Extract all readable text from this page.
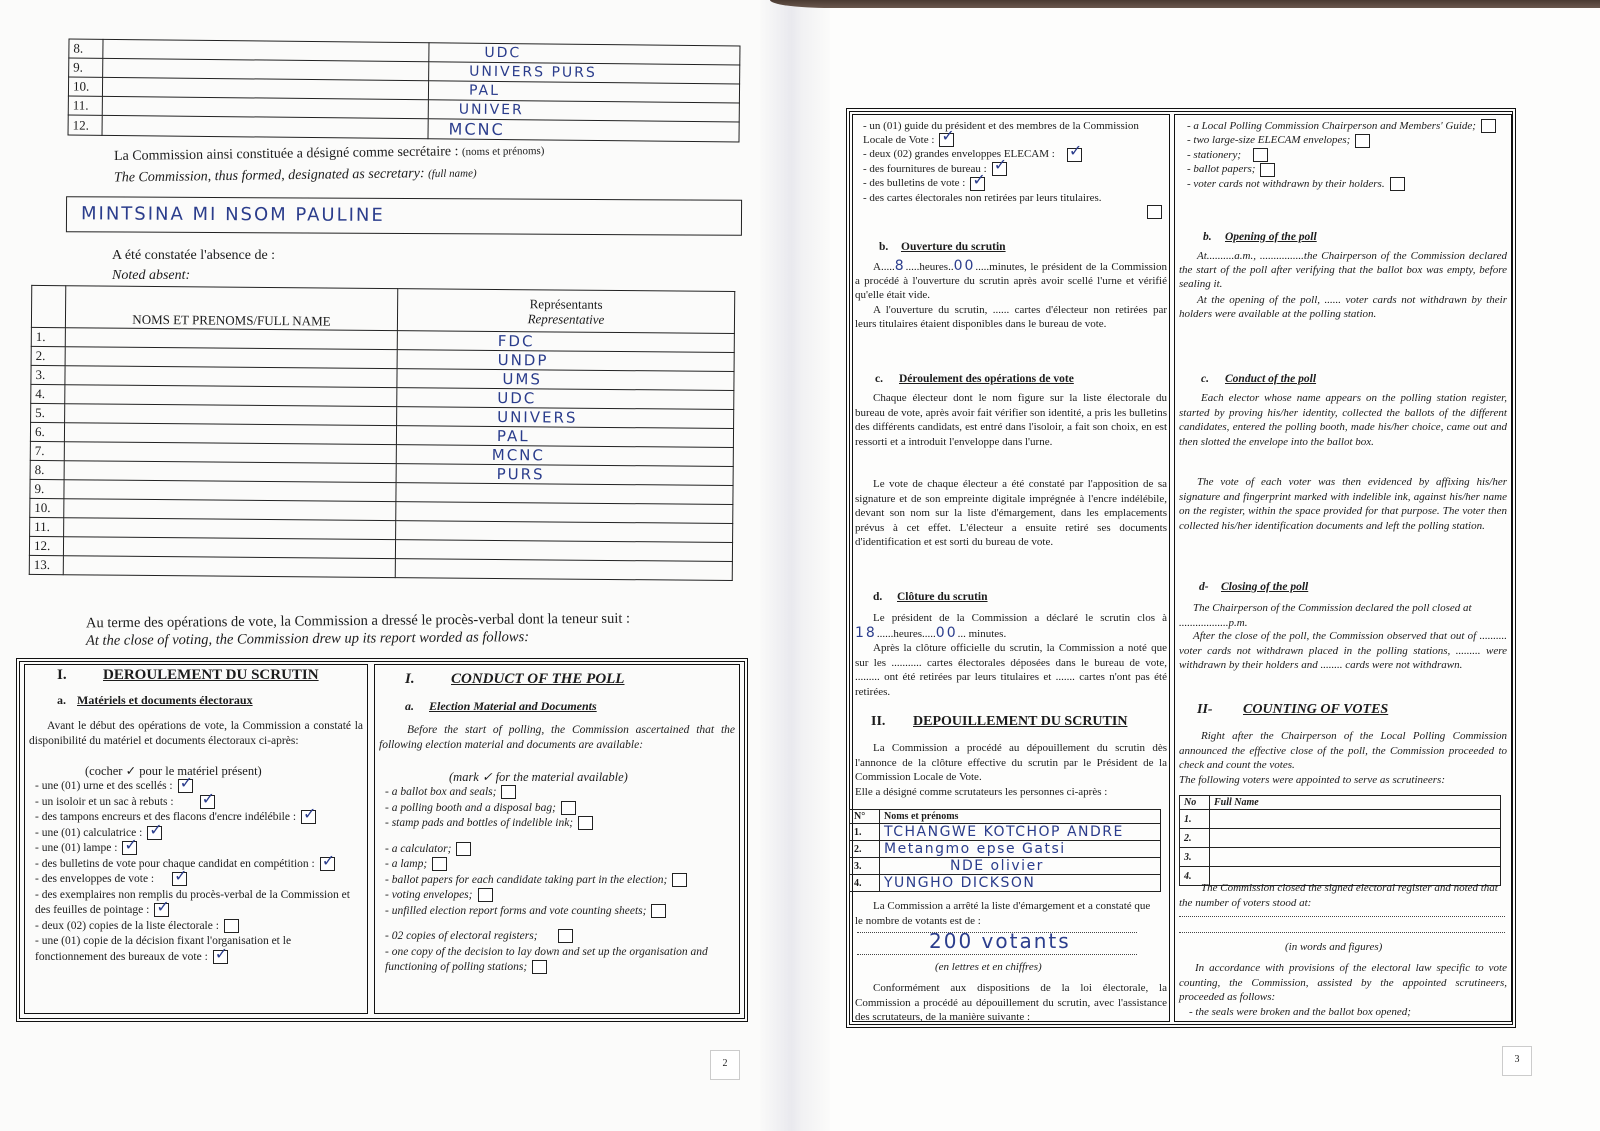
8.		UDC
9.		UNIVERS PURS
10.		PAL
11.		UNIVER
12.		MCNC
La Commission ainsi constituée a désigné comme secrétaire : (noms et prénoms)
The Commission, thus formed, designated as secretary: (full name)
MINTSINA MI NSOM PAULINE
A été constatée l'absence de :
Noted absent:
	NOMS ET PRENOMS/FULL NAME	Représentants
Representative

1.		FDC
2.		UNDP
3.		UMS
4.		UDC
5.		UNIVERS
6.		PAL
7.		MCNC
8.		PURS
9.		
10.		
11.		
12.		
13.		
Au terme des opérations de vote, la Commission a dressé le procès-verbal dont la teneur suit :
At the close of voting, the Commission drew up its report worded as follows:
I. DEROULEMENT DU SCRUTIN
a. Matériels et documents électoraux
Avant le début des opérations de vote, la Commission a constaté la disponibilité du matériel et documents électoraux ci-après:
(cocher ✓ pour le matériel présent)
- une (01) urne et des scellés :✓
- un isoloir et un sac à rebuts :✓
- des tampons encreurs et des flacons d'encre indélébile :✓
- une (01) calculatrice :✓
- une (01) lampe :✓
- des bulletins de vote pour chaque candidat en compétition :✓
- des enveloppes de vote :✓
- des exemplaires non remplis du procès-verbal de la Commission et des feuilles de pointage :✓
- deux (02) copies de la liste électorale :
- une (01) copie de la décision fixant l'organisation et le fonctionnement des bureaux de vote :✓
I. CONDUCT OF THE POLL
a. Election Material and Documents
Before the start of polling, the Commission ascertained that the following election material and documents are available:
(mark ✓ for the material available)
- a ballot box and seals;
- a polling booth and a disposal bag;
- stamp pads and bottles of indelible ink;
- a calculator;
- a lamp;
- ballot papers for each candidate taking part in the election;
- voting envelopes;
- unfilled election report forms and vote counting sheets;
- 02 copies of electoral registers;
- one copy of the decision to lay down and set up the organisation and functioning of polling stations;
2
- un (01) guide du président et des membres de la Commission Locale de Vote :✓
- deux (02) grandes enveloppes ELECAM :✓
- des fournitures de bureau :✓
- des bulletins de vote :✓
- des cartes électorales non retirées par leurs titulaires.

b. Ouverture du scrutin
A.....8.....heures..00.....minutes, le président de la Commission a procédé à l'ouverture du scrutin après avoir scellé l'urne et vérifié qu'elle était vide.
A l'ouverture du scrutin, ...... cartes d'électeur non retirées par leurs titulaires étaient disponibles dans le bureau de vote.
c. Déroulement des opérations de vote
Chaque électeur dont le nom figure sur la liste électorale du bureau de vote, après avoir fait vérifier son identité, a pris les bulletins des différents candidats, est entré dans l'isoloir, a fait son choix, en est ressorti et a introduit l'enveloppe dans l'urne.
Le vote de chaque électeur a été constaté par l'apposition de sa signature et de son empreinte digitale imprégnée à l'encre indélébile, devant son nom sur la liste d'émargement, dans les emplacements prévus à cet effet. L'électeur a ensuite retiré ses documents d'identification et est sorti du bureau de vote.
d. Clôture du scrutin
Le président de la Commission a déclaré le scrutin clos à 18......heures.....00... minutes.
Après la clôture officielle du scrutin, la Commission a noté que sur les ........... cartes électorales déposées dans le bureau de vote, ......... ont été retirées par leurs titulaires et ....... cartes n'ont pas été retirées.
II. DEPOUILLEMENT DU SCRUTIN
La Commission a procédé au dépouillement du scrutin dès l'annonce de la clôture effective du scrutin par le Président de la Commission Locale de Vote.
Elle a désigné comme scrutateurs les personnes ci-après :
N°	Noms et prénoms
1.	TCHANGWE KOTCHOP ANDRE
2.	Metangmo epse Gatsi
3.	NDE olivier
4.	YUNGHO DICKSON
La Commission a arrêté la liste d'émargement et a constaté que le nombre de votants est de :
200 votants
(en lettres et en chiffres)
Conformément aux dispositions de la loi électorale, la Commission a procédé au dépouillement du scrutin, avec l'assistance des scrutateurs, de la manière suivante :
- a Local Polling Commission Chairperson and Members' Guide;
- two large-size ELECAM envelopes;
- stationery;
- ballot papers;
- voter cards not withdrawn by their holders.
b. Opening of the poll
At..........a.m., ................the Chairperson of the Commission declared the start of the poll after verifying that the ballot box was empty, before sealing it.
At the opening of the poll, ...... voter cards not withdrawn by their holders were available at the polling station.
c. Conduct of the poll
Each elector whose name appears on the polling station register, started by proving his/her identity, collected the ballots of the different candidates, entered the polling booth, made his/her choice, came out and then slotted the envelope into the ballot box.
The vote of each voter was then evidenced by affixing his/her signature and fingerprint marked with indelible ink, against his/her name on the register, within the space provided for that purpose. The voter then collected his/her identification documents and left the polling station.
d- Closing of the poll
The Chairperson of the Commission declared the poll closed at ..................p.m.
After the close of the poll, the Commission observed that out of .......... voter cards not withdrawn placed in the polling stations, ......... were withdrawn by their holders and ........ cards were not withdrawn.
II- COUNTING OF VOTES
Right after the Chairperson of the Local Polling Commission announced the effective close of the poll, the Commission proceeded to check and count the votes.
The following voters were appointed to serve as scrutineers:
No	Full Name
1.	
2.	
3.	
4.	
The Commission closed the signed electoral register and noted that the number of voters stood at:
(in words and figures)
In accordance with provisions of the electoral law specific to vote counting, the Commission, assisted by the appointed scrutineers, proceeded as follows:
- the seals were broken and the ballot box opened;
3
